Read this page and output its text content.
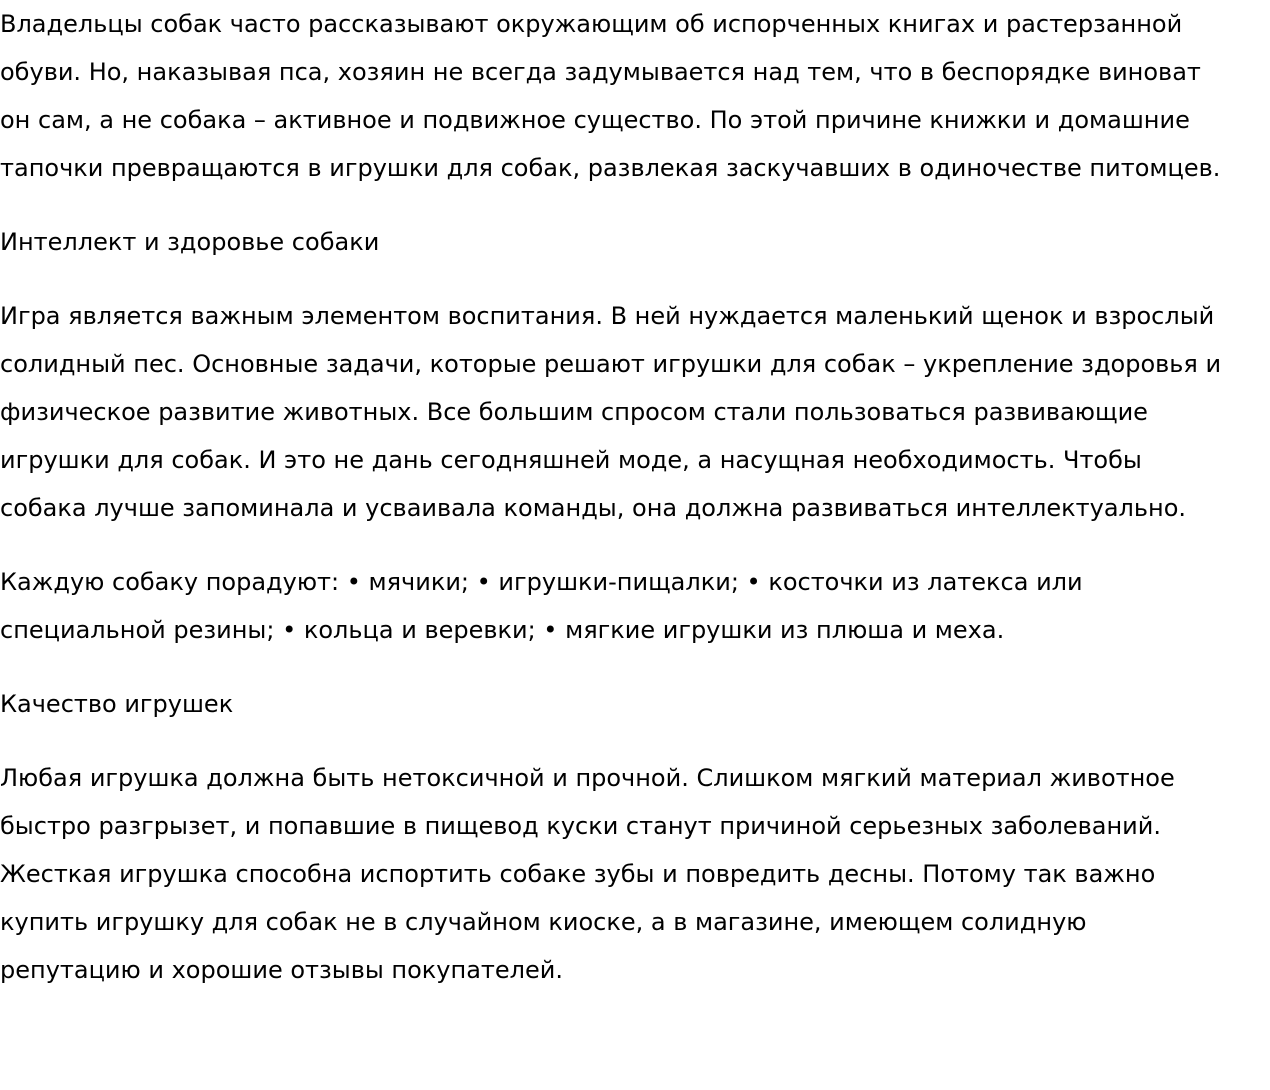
Владельцы собак часто рассказывают окружающим об испорченных книгах и растерзанной обуви. Но, наказывая пса, хозяин не всегда задумывается над тем, что в беспорядке виноват он сам, а не собака – активное и подвижное существо. По этой причине книжки и домашние тапочки превращаются в игрушки для собак, развлекая заскучавших в одиночестве питомцев.

Интеллект и здоровье собаки

Игра является важным элементом воспитания. В ней нуждается маленький щенок и взрослый солидный пес. Основные задачи, которые решают игрушки для собак – укрепление здоровья и физическое развитие животных. Все большим спросом стали пользоваться развивающие игрушки для собак. И это не дань сегодняшней моде, а насущная необходимость. Чтобы собака лучше запоминала и усваивала команды, она должна развиваться интеллектуально.

Каждую собаку порадуют: • мячики; • игрушки-пищалки; • косточки из латекса или специальной резины; • кольца и веревки; • мягкие игрушки из плюша и меха.

Качество игрушек

Любая игрушка должна быть нетоксичной и прочной. Слишком мягкий материал животное быстро разгрызет, и попавшие в пищевод куски станут причиной серьезных заболеваний. Жесткая игрушка способна испортить собаке зубы и повредить десны. Потому так важно купить игрушку для собак не в случайном киоске, а в магазине, имеющем солидную репутацию и хорошие отзывы покупателей.
